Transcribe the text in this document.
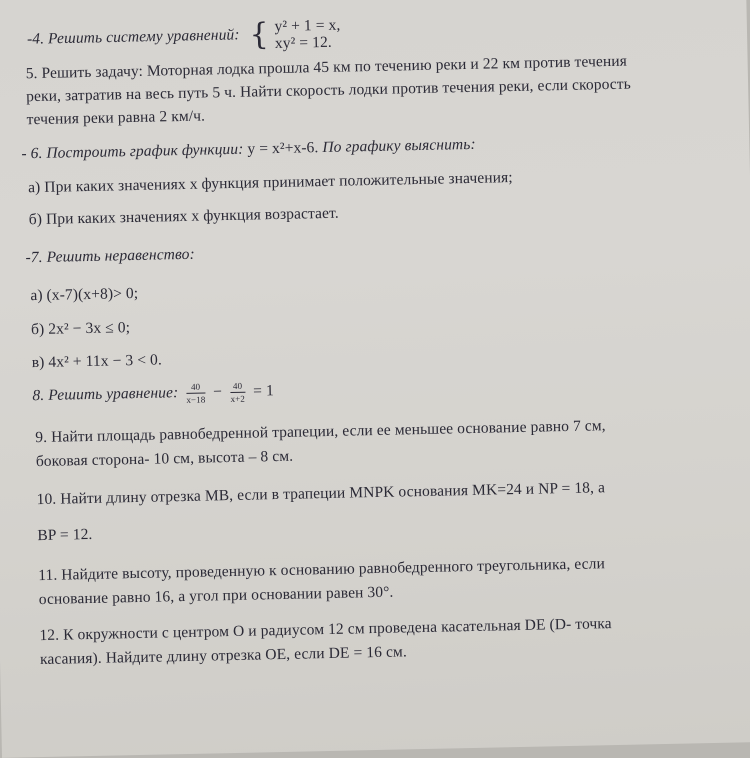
-4. Решить систему уравнений: { y² + 1 = x,
xy² = 12.
5. Решить задачу: Моторная лодка прошла 45 км по течению реки и 22 км против течения
реки, затратив на весь путь 5 ч. Найти скорость лодки против течения реки, если скорость
течения реки равна 2 км/ч.
- 6. Построить график функции: y = x²+x-6. По графику выяснить:
а) При каких значениях х функция принимает положительные значения;
б) При каких значениях х функция возрастает.
-7. Решить неравенство:
а) (x-7)(x+8)> 0;
б) 2x² − 3x ≤ 0;
в) 4x² + 11x − 3 < 0.
8. Решить уравнение: $\frac{40}{x-18} - \frac{40}{x+2} = 1$
9. Найти площадь равнобедренной трапеции, если ее меньшее основание равно 7 см,
боковая сторона- 10 см, высота – 8 см.
10. Найти длину отрезка MB, если в трапеции MNPK основания MK=24 и NP = 18, а
BP = 12.
11. Найдите высоту, проведенную к основанию равнобедренного треугольника, если
основание равно 16, а угол при основании равен 30°.
12. К окружности с центром О и радиусом 12 см проведена касательная DE (D- точка
касания). Найдите длину отрезка OE, если DE = 16 см.
